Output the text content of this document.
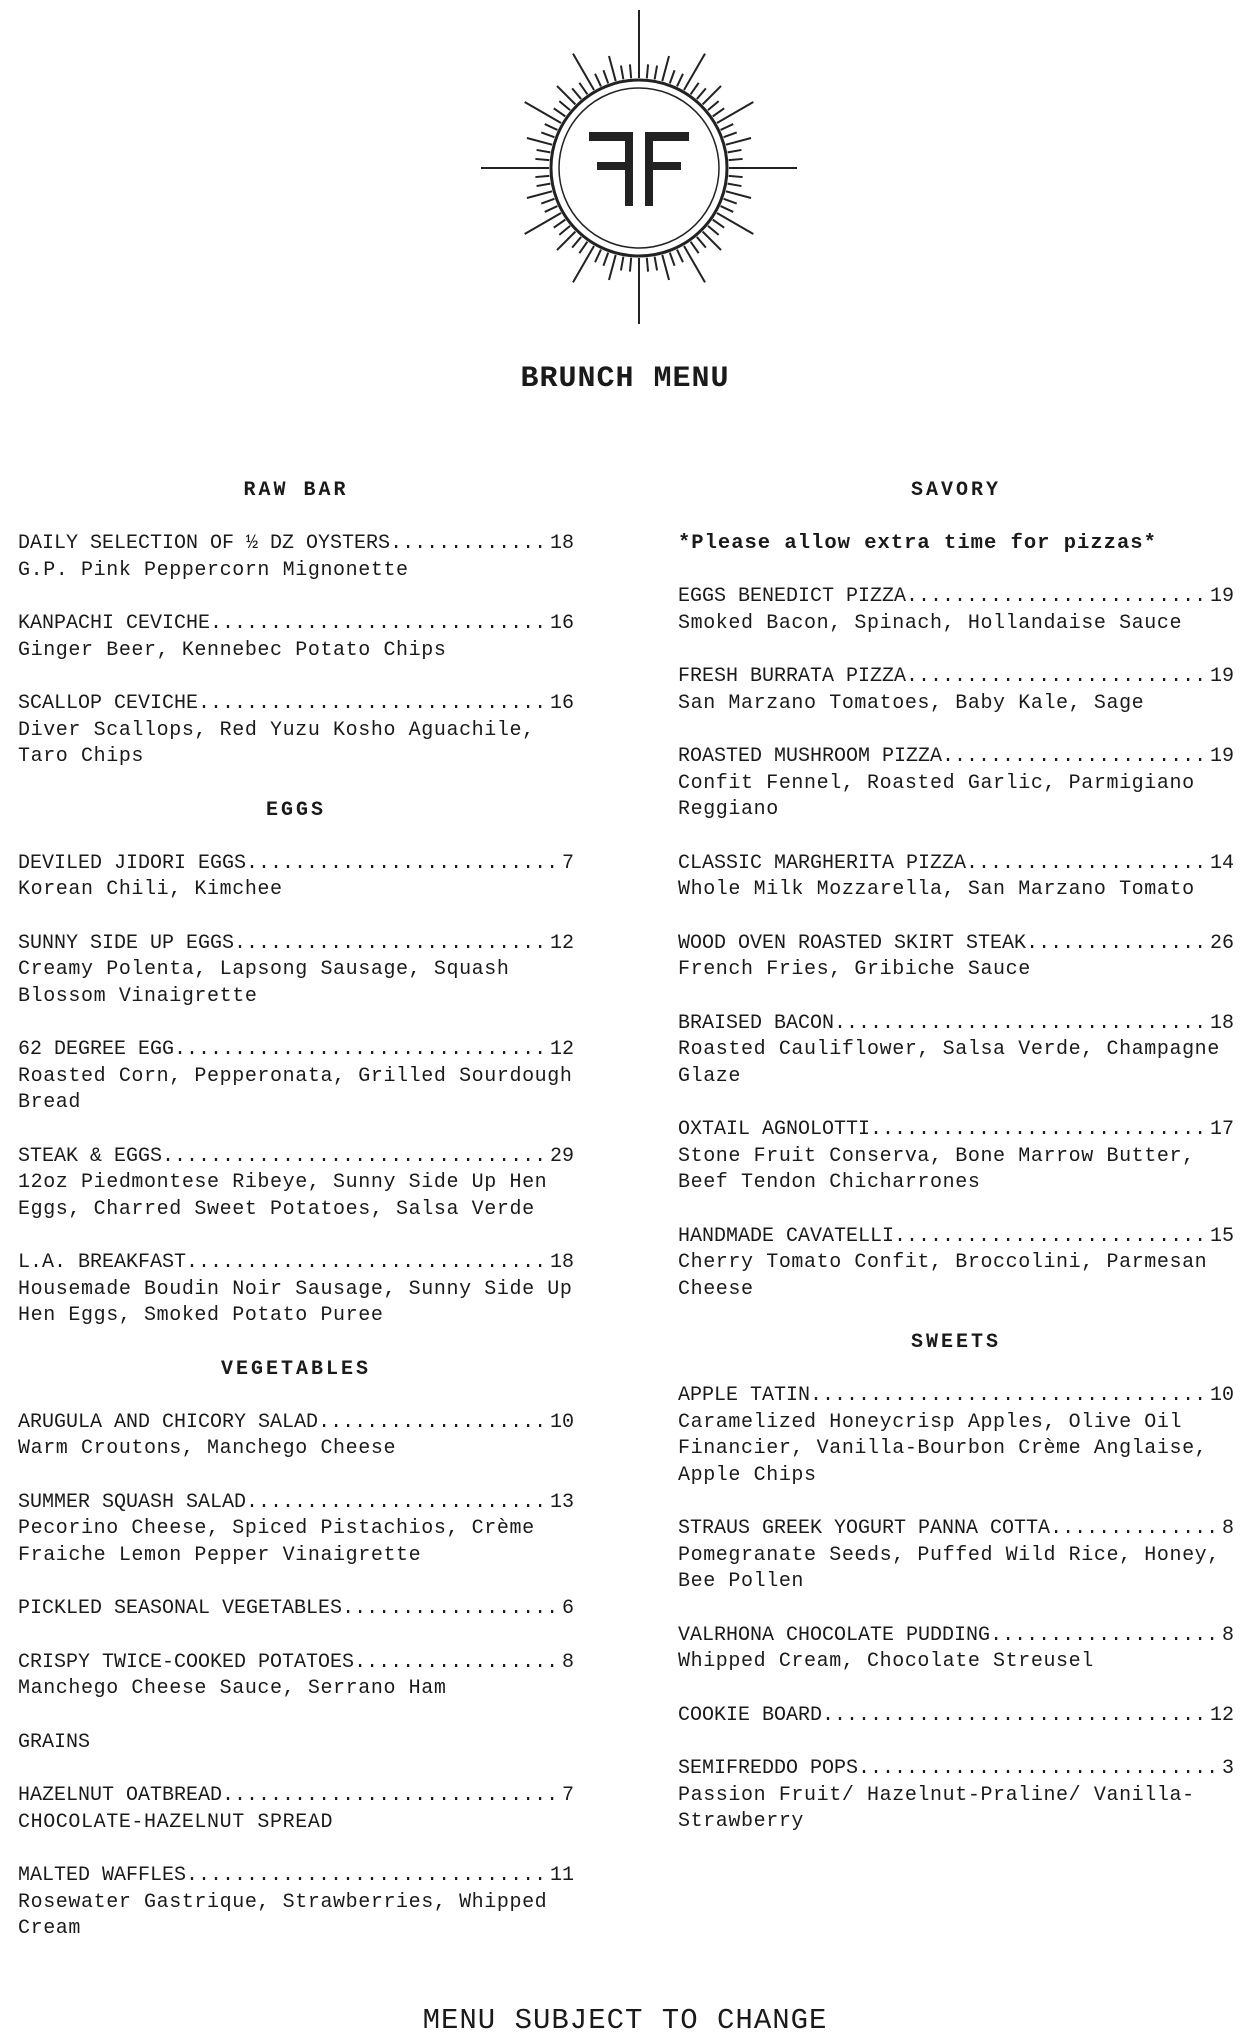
BRUNCH MENU
RAW BAR
DAILY SELECTION OF ½ DZ OYSTERS .....	18
G.P. Pink Peppercorn Mignonette
KANPACHI CEVICHE .....	16
Ginger Beer, Kennebec Potato Chips
SCALLOP CEVICHE .....	16
Diver Scallops, Red Yuzu Kosho Aguachile, Taro Chips
EGGS
DEVILED JIDORI EGGS .....	7
Korean Chili, Kimchee
SUNNY SIDE UP EGGS .....	12
Creamy Polenta, Lapsong Sausage, Squash Blossom Vinaigrette
62 DEGREE EGG .....	12
Roasted Corn, Pepperonata, Grilled Sourdough Bread
STEAK & EGGS .....	29
12oz Piedmontese Ribeye, Sunny Side Up Hen Eggs, Charred Sweet Potatoes, Salsa Verde
L.A. BREAKFAST .....	18
Housemade Boudin Noir Sausage, Sunny Side Up Hen Eggs, Smoked Potato Puree
VEGETABLES
ARUGULA AND CHICORY SALAD .....	10
Warm Croutons, Manchego Cheese
SUMMER SQUASH SALAD .....	13
Pecorino Cheese, Spiced Pistachios, Crème Fraiche Lemon Pepper Vinaigrette
PICKLED SEASONAL VEGETABLES .....	6
CRISPY TWICE-COOKED POTATOES .....	8
Manchego Cheese Sauce, Serrano Ham
GRAINS
HAZELNUT OATBREAD .....	7
CHOCOLATE-HAZELNUT SPREAD
MALTED WAFFLES .....	11
Rosewater Gastrique, Strawberries, Whipped Cream
SAVORY
*Please allow extra time for pizzas*
EGGS BENEDICT PIZZA .....	19
Smoked Bacon, Spinach, Hollandaise Sauce
FRESH BURRATA PIZZA .....	19
San Marzano Tomatoes, Baby Kale, Sage
ROASTED MUSHROOM PIZZA .....	19
Confit Fennel, Roasted Garlic, Parmigiano Reggiano
CLASSIC MARGHERITA PIZZA .....	14
Whole Milk Mozzarella, San Marzano Tomato
WOOD OVEN ROASTED SKIRT STEAK .....	26
French Fries, Gribiche Sauce
BRAISED BACON .....	18
Roasted Cauliflower, Salsa Verde, Champagne Glaze
OXTAIL AGNOLOTTI .....	17
Stone Fruit Conserva, Bone Marrow Butter, Beef Tendon Chicharrones
HANDMADE CAVATELLI .....	15
Cherry Tomato Confit, Broccolini, Parmesan Cheese
SWEETS
APPLE TATIN .....	10
Caramelized Honeycrisp Apples, Olive Oil Financier, Vanilla-Bourbon Crème Anglaise, Apple Chips
STRAUS GREEK YOGURT PANNA COTTA .....	8
Pomegranate Seeds, Puffed Wild Rice, Honey, Bee Pollen
VALRHONA CHOCOLATE PUDDING .....	8
Whipped Cream, Chocolate Streusel
COOKIE BOARD .....	12
SEMIFREDDO POPS .....	3
Passion Fruit/ Hazelnut-Praline/ Vanilla-Strawberry
MENU SUBJECT TO CHANGE
